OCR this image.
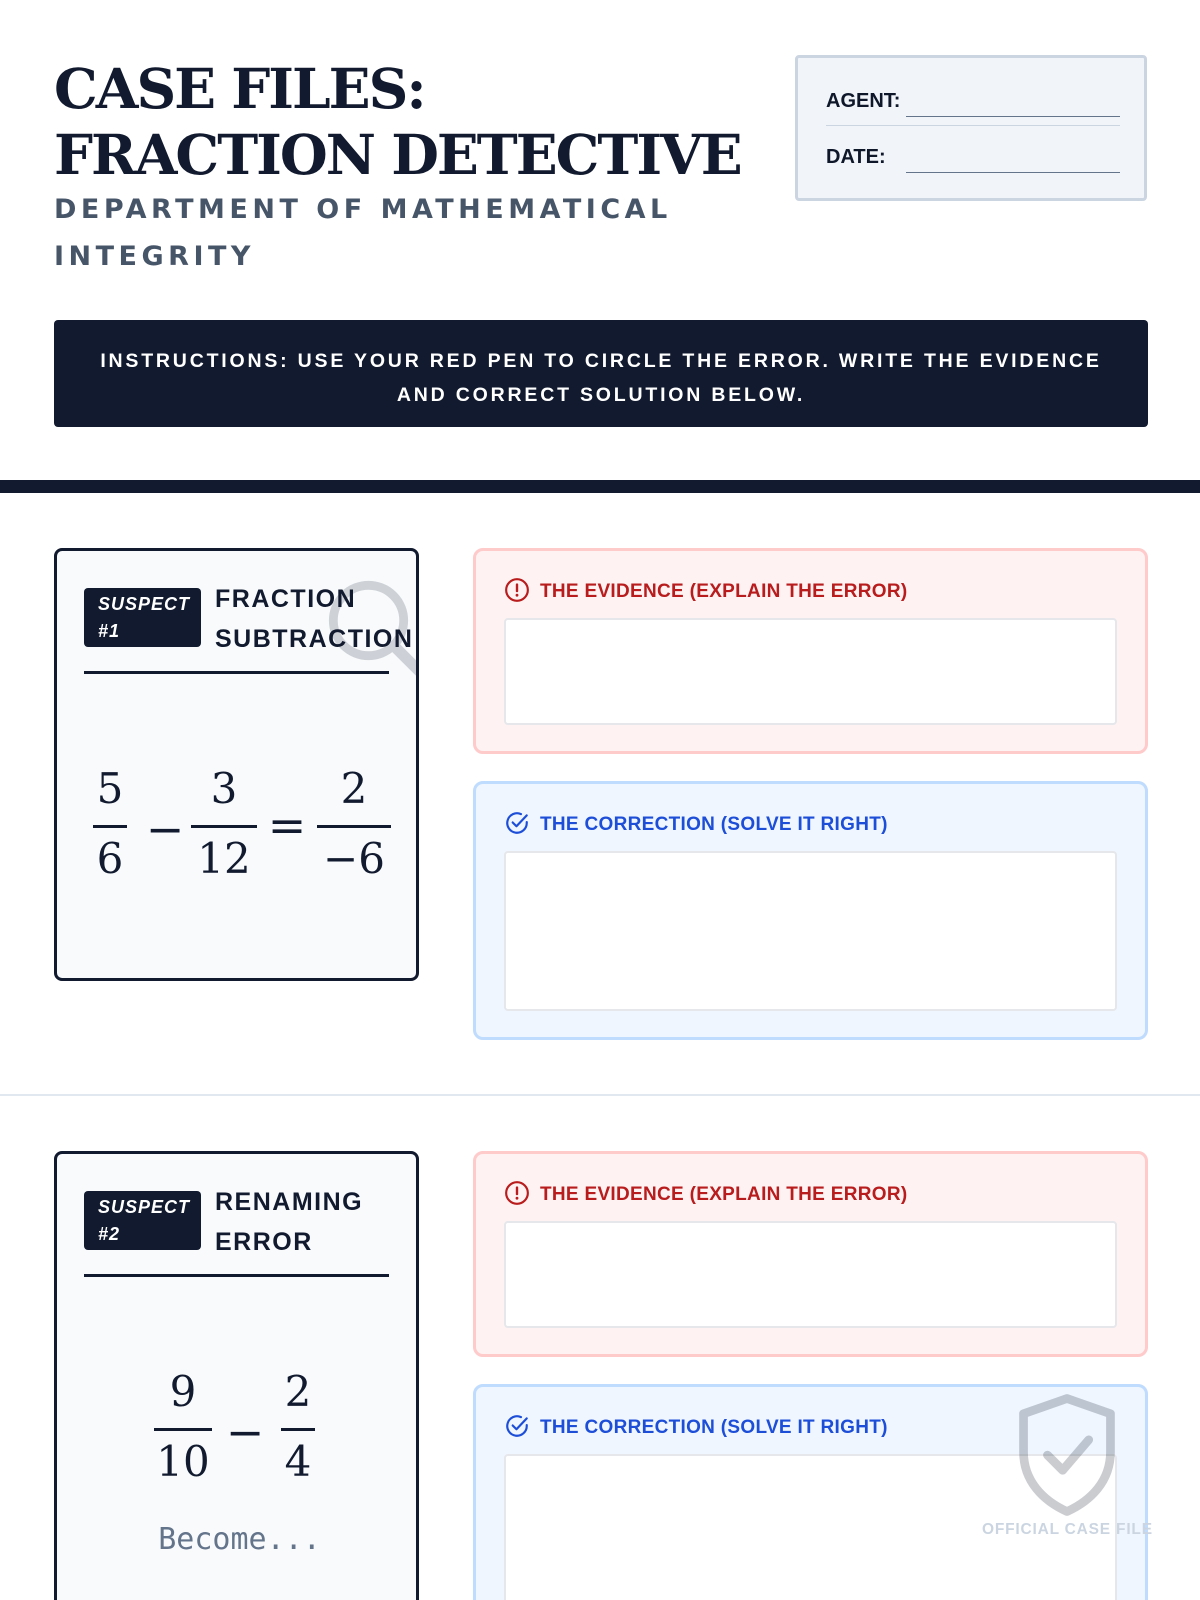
CASE FILES: FRACTION DETECTIVE
DEPARTMENT OF MATHEMATICAL INTEGRITY
AGENT:
DATE:
INSTRUCTIONS: USE YOUR RED PEN TO CIRCLE THE ERROR. WRITE THE EVIDENCE AND CORRECT SOLUTION BELOW.
SUSPECT
#1
FRACTION
SUBTRACTION
5
6
−
3
12
=
2
−6
THE EVIDENCE (EXPLAIN THE ERROR)
THE CORRECTION (SOLVE IT RIGHT)
SUSPECT
#2
RENAMING
ERROR
9
10
−
2
4
Become...
THE EVIDENCE (EXPLAIN THE ERROR)
THE CORRECTION (SOLVE IT RIGHT)
OFFICIAL CASE FILE
